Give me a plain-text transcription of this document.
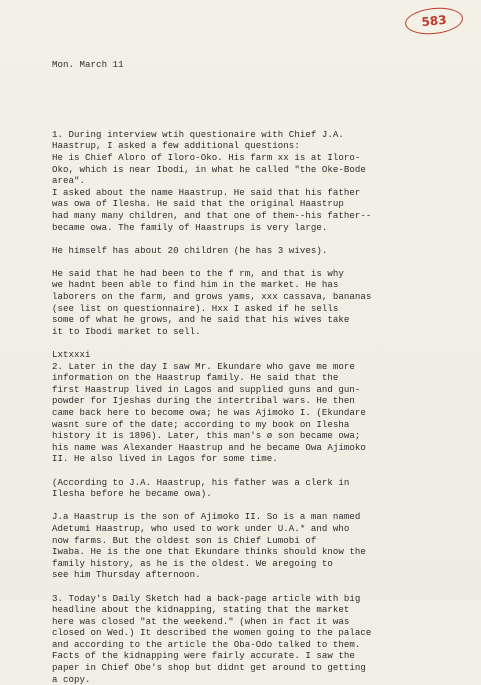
583

Mon. March 11

1. During interview wtih questionaire with Chief J.A.
Haastrup, I asked a few additional questions:
He is Chief Aloro of Iloro-Oko. His farm xx is at Iloro-
Oko, which is near Ibodi, in what he called "the Oke-Bode
area".
I asked about the name Haastrup. He said that his father
was owa of Ilesha. He said that the original Haastrup
had many many children, and that one of them--his father--
became owa. The family of Haastrups is very large.
He himself has about 20 children (he has 3 wives).
He said that he had been to the f rm, and that is why
we hadnt been able to find him in the market. He has
laborers on the farm, and grows yams, xxx cassava, bananas
(see list on questionnaire). Hxx I asked if he sells
some of what he grows, and he said that his wives take
it to Ibodi market to sell.
Lxtxxxi
2. Later in the day I saw Mr. Ekundare who gave me more
information on the Haastrup family. He said that the
first Haastrup lived in Lagos and supplied guns and gun-
powder for Ijeshas during the intertribal wars. He then
came back here to become owa; he was Ajimoko I. (Ekundare
wasnt sure of the date; according to my book on Ilesha
history it is 1896). Later, this man's ø son became owa;
his name was Alexander Haastrup and he became Owa Ajimoko
II. He also lived in Lagos for some time.
(According to J.A. Haastrup, his father was a clerk in
Ilesha before he became owa).
J.a Haastrup is the son of Ajimoko II. So is a man named
Adetumi Haastrup, who used to work under U.A.* and who
now farms. But the oldest son is Chief Lumobi of
Iwaba. He is the one that Ekundare thinks should know the
family history, as he is the oldest. We aregoing to
see him Thursday afternoon.
3. Today's Daily Sketch had a back-page article with big
headline about the kidnapping, stating that the market
here was closed "at the weekend." (when in fact it was
closed on Wed.) It described the women going to the palace
and according to the article the Oba-Odo talked to them.
Facts of the kidnapping were fairly accurate. I saw the
paper in Chief Obe's shop but didnt get around to getting
a copy.
